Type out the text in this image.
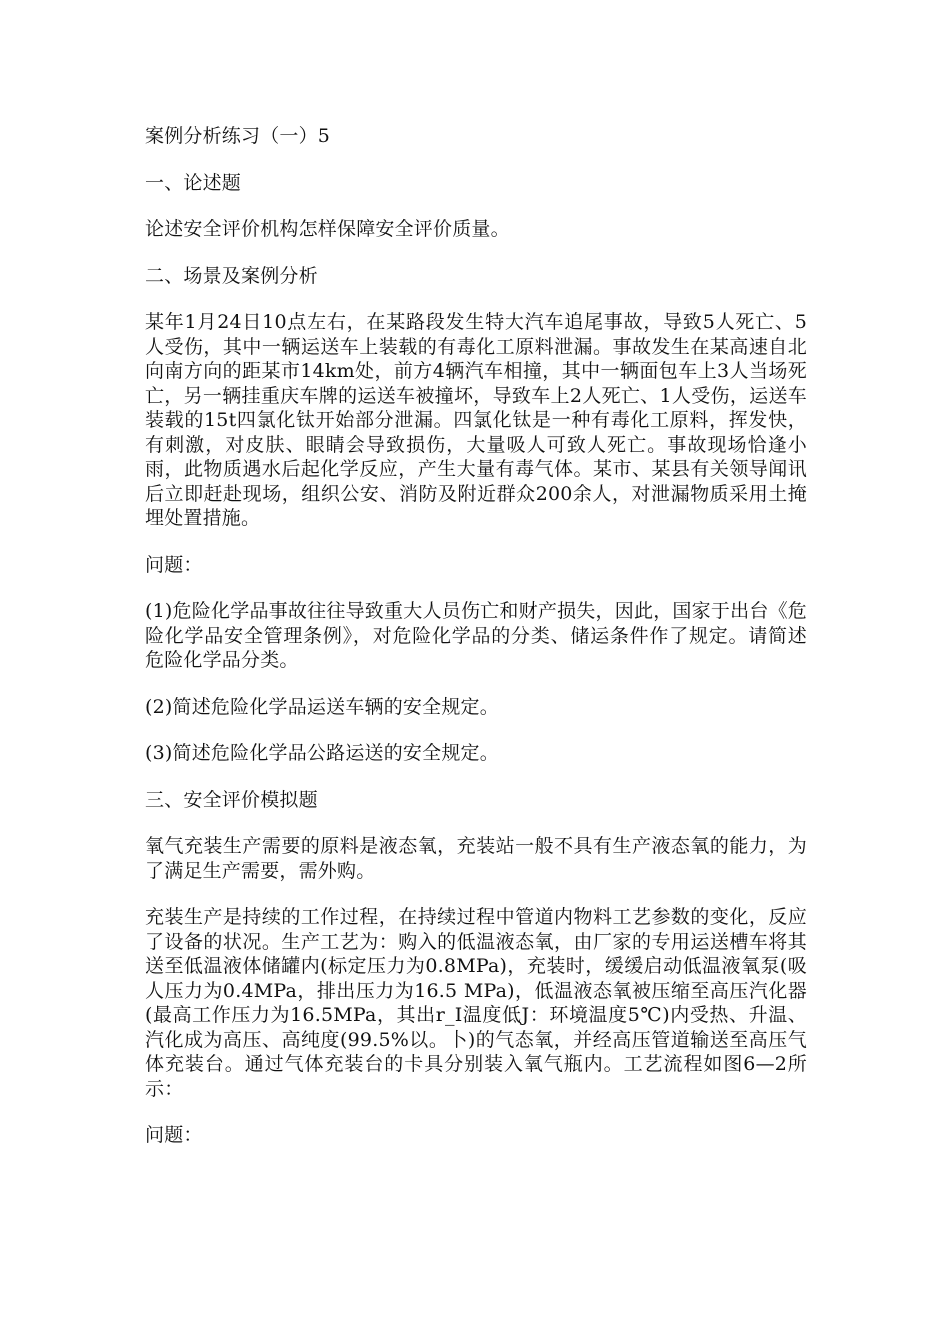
案例分析练习（一）5

一、论述题

论述安全评价机构怎样保障安全评价质量。

二、场景及案例分析

某年1月24日10点左右，在某路段发生特大汽车追尾事故，导致5人死亡、5人受伤，其中一辆运送车上装载的有毒化工原料泄漏。事故发生在某高速自北向南方向的距某市14km处，前方4辆汽车相撞，其中一辆面包车上3人当场死亡，另一辆挂重庆车牌的运送车被撞坏，导致车上2人死亡、1人受伤，运送车装载的15t四氯化钛开始部分泄漏。四氯化钛是一种有毒化工原料，挥发快，有刺激，对皮肤、眼睛会导致损伤，大量吸人可致人死亡。事故现场恰逢小雨，此物质遇水后起化学反应，产生大量有毒气体。某市、某县有关领导闻讯后立即赶赴现场，组织公安、消防及附近群众200余人，对泄漏物质采用土掩埋处置措施。

问题：

(1)危险化学品事故往往导致重大人员伤亡和财产损失，因此，国家于出台《危险化学品安全管理条例》，对危险化学品的分类、储运条件作了规定。请简述危险化学品分类。

(2)简述危险化学品运送车辆的安全规定。

(3)简述危险化学品公路运送的安全规定。

三、安全评价模拟题

氧气充装生产需要的原料是液态氧，充装站一般不具有生产液态氧的能力，为了满足生产需要，需外购。

充装生产是持续的工作过程，在持续过程中管道内物料工艺参数的变化，反应了设备的状况。生产工艺为：购入的低温液态氧，由厂家的专用运送槽车将其送至低温液体储罐内(标定压力为0.8MPa)，充装时，缓缓启动低温液氧泵(吸人压力为0.4MPa，排出压力为16.5 MPa)，低温液态氧被压缩至高压汽化器(最高工作压力为16.5MPa，其出r_I温度低J：环境温度5℃)内受热、升温、汽化成为高压、高纯度(99.5%以。卜)的气态氧，并经高压管道输送至高压气体充装台。通过气体充装台的卡具分别装入氧气瓶内。工艺流程如图6—2所示：

问题：
